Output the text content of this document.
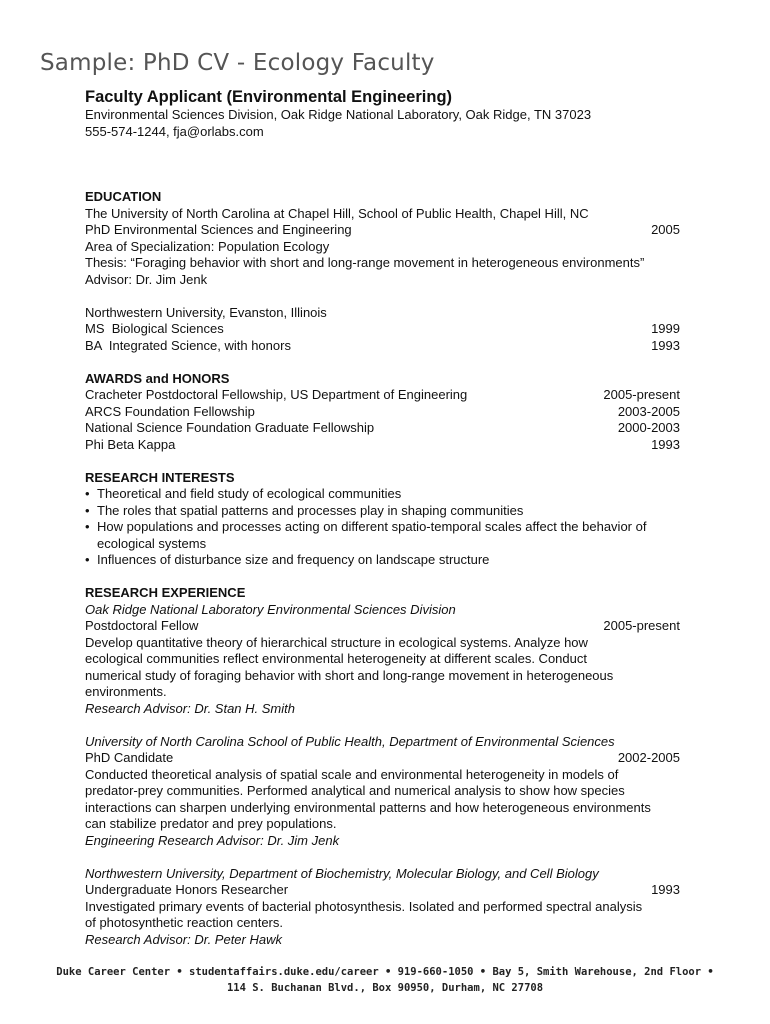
Sample: PhD CV - Ecology Faculty
Faculty Applicant (Environmental Engineering)
Environmental Sciences Division, Oak Ridge National Laboratory, Oak Ridge, TN 37023
555-574-1244, fja@orlabs.com
EDUCATION
The University of North Carolina at Chapel Hill, School of Public Health, Chapel Hill, NC
PhD Environmental Sciences and Engineering	2005
Area of Specialization: Population Ecology
Thesis: “Foraging behavior with short and long-range movement in heterogeneous environments”
Advisor: Dr. Jim Jenk
Northwestern University, Evanston, Illinois
MS  Biological Sciences	1999
BA  Integrated Science, with honors	1993
AWARDS and HONORS
Cracheter Postdoctoral Fellowship, US Department of Engineering	2005-present
ARCS Foundation Fellowship	2003-2005
National Science Foundation Graduate Fellowship	2000-2003
Phi Beta Kappa	1993
RESEARCH INTERESTS
• Theoretical and field study of ecological communities
• The roles that spatial patterns and processes play in shaping communities
• How populations and processes acting on different spatio-temporal scales affect the behavior of ecological systems
• Influences of disturbance size and frequency on landscape structure
RESEARCH EXPERIENCE
Oak Ridge National Laboratory Environmental Sciences Division
Postdoctoral Fellow	2005-present
Develop quantitative theory of hierarchical structure in ecological systems. Analyze how ecological communities reflect environmental heterogeneity at different scales. Conduct numerical study of foraging behavior with short and long-range movement in heterogeneous environments.
Research Advisor: Dr. Stan H. Smith
University of North Carolina School of Public Health, Department of Environmental Sciences
PhD Candidate	2002-2005
Conducted theoretical analysis of spatial scale and environmental heterogeneity in models of predator-prey communities. Performed analytical and numerical analysis to show how species interactions can sharpen underlying environmental patterns and how heterogeneous environments can stabilize predator and prey populations.
Engineering Research Advisor: Dr. Jim Jenk
Northwestern University, Department of Biochemistry, Molecular Biology, and Cell Biology
Undergraduate Honors Researcher	1993
Investigated primary events of bacterial photosynthesis. Isolated and performed spectral analysis of photosynthetic reaction centers.
Research Advisor: Dr. Peter Hawk
Duke Career Center • studentaffairs.duke.edu/career • 919-660-1050 • Bay 5, Smith Warehouse, 2nd Floor •
114 S. Buchanan Blvd., Box 90950, Durham, NC 27708
